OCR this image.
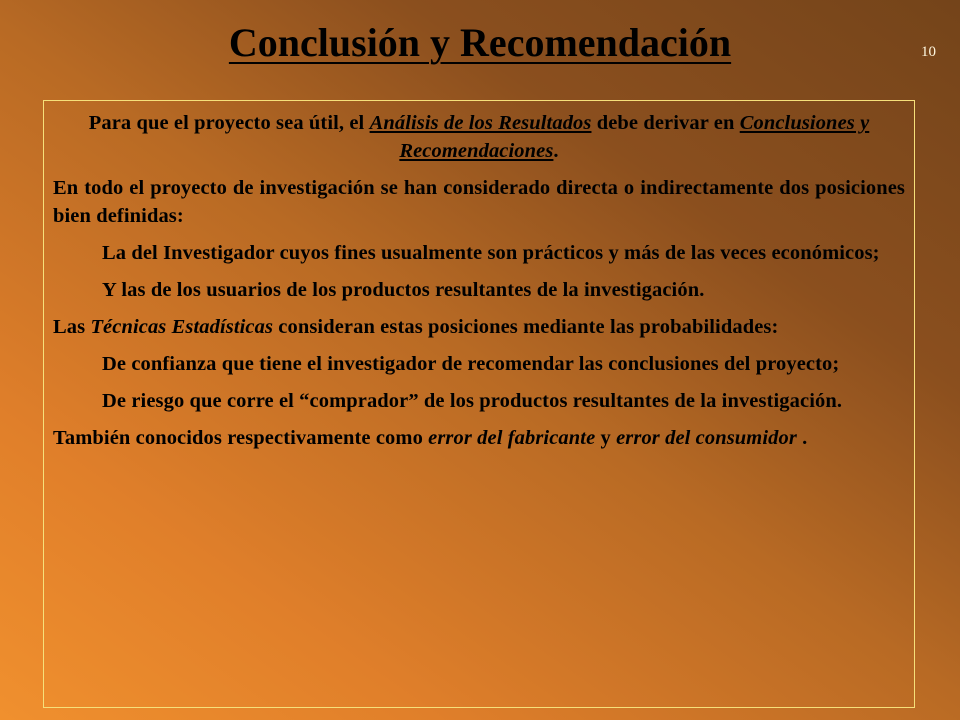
Conclusión y Recomendación	10

Para que el proyecto sea útil, el Análisis de los Resultados debe derivar en Conclusiones y Recomendaciones.

En todo el proyecto de investigación se han considerado directa o indirectamente dos posiciones bien definidas:

La del Investigador cuyos fines usualmente son prácticos y más de las veces económicos;

Y las de los usuarios de los productos resultantes de la investigación.

Las Técnicas Estadísticas consideran estas posiciones mediante las probabilidades:

De confianza que tiene el investigador de recomendar las conclusiones del proyecto;

De riesgo que corre el “comprador” de los productos resultantes de la investigación.

También conocidos respectivamente como error del fabricante y error del consumidor .
